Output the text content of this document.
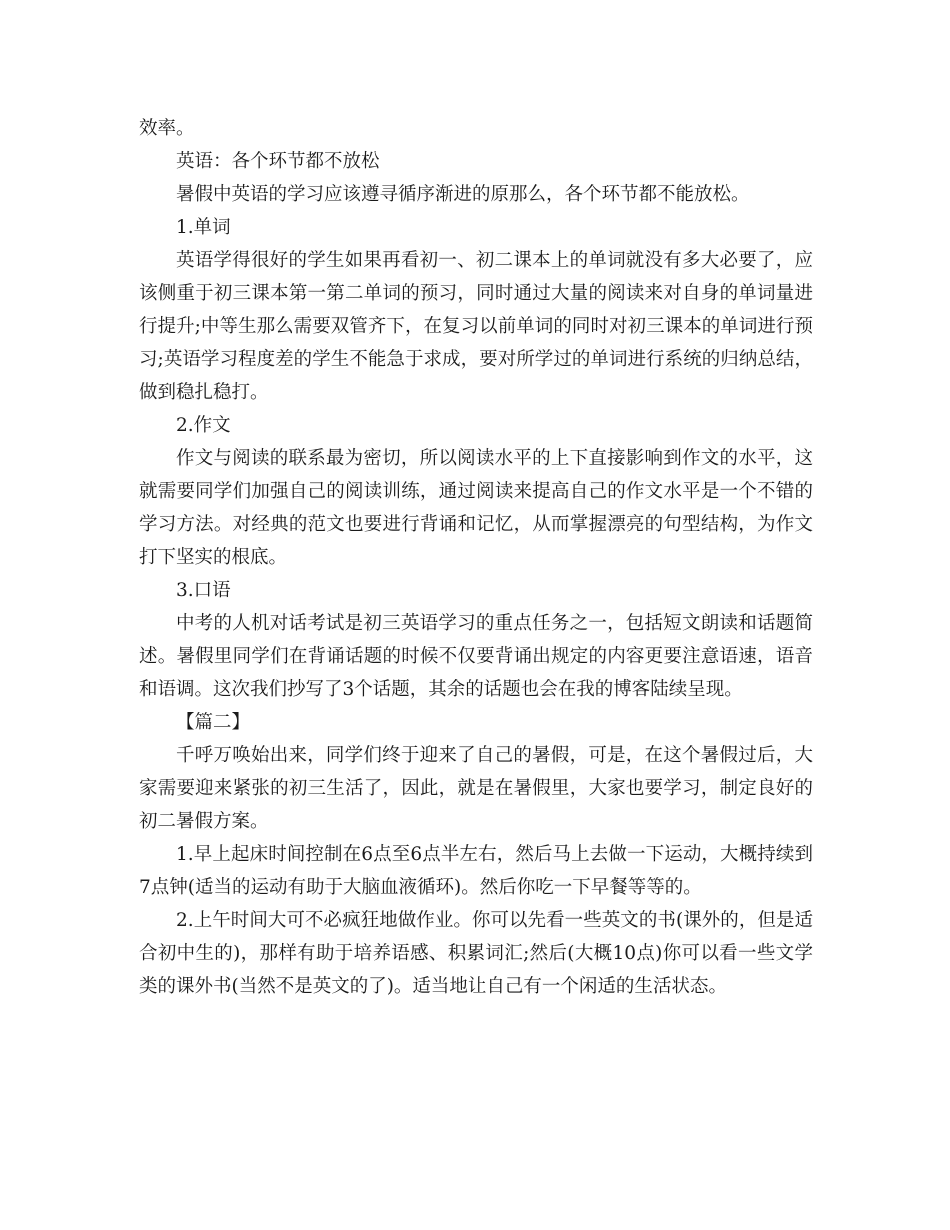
效率。

英语：各个环节都不放松

暑假中英语的学习应该遵寻循序渐进的原那么，各个环节都不能放松。

1.单词

英语学得很好的学生如果再看初一、初二课本上的单词就没有多大必要了，应该侧重于初三课本第一第二单词的预习，同时通过大量的阅读来对自身的单词量进行提升;中等生那么需要双管齐下，在复习以前单词的同时对初三课本的单词进行预习;英语学习程度差的学生不能急于求成，要对所学过的单词进行系统的归纳总结，做到稳扎稳打。

2.作文

作文与阅读的联系最为密切，所以阅读水平的上下直接影响到作文的水平，这就需要同学们加强自己的阅读训练，通过阅读来提高自己的作文水平是一个不错的学习方法。对经典的范文也要进行背诵和记忆，从而掌握漂亮的句型结构，为作文打下坚实的根底。

3.口语

中考的人机对话考试是初三英语学习的重点任务之一，包括短文朗读和话题简述。暑假里同学们在背诵话题的时候不仅要背诵出规定的内容更要注意语速，语音和语调。这次我们抄写了3个话题，其余的话题也会在我的博客陆续呈现。

【篇二】

千呼万唤始出来，同学们终于迎来了自己的暑假，可是，在这个暑假过后，大家需要迎来紧张的初三生活了，因此，就是在暑假里，大家也要学习，制定良好的初二暑假方案。

1.早上起床时间控制在6点至6点半左右，然后马上去做一下运动，大概持续到7点钟(适当的运动有助于大脑血液循环)。然后你吃一下早餐等等的。

2.上午时间大可不必疯狂地做作业。你可以先看一些英文的书(课外的，但是适合初中生的)，那样有助于培养语感、积累词汇;然后(大概10点)你可以看一些文学类的课外书(当然不是英文的了)。适当地让自己有一个闲适的生活状态。
